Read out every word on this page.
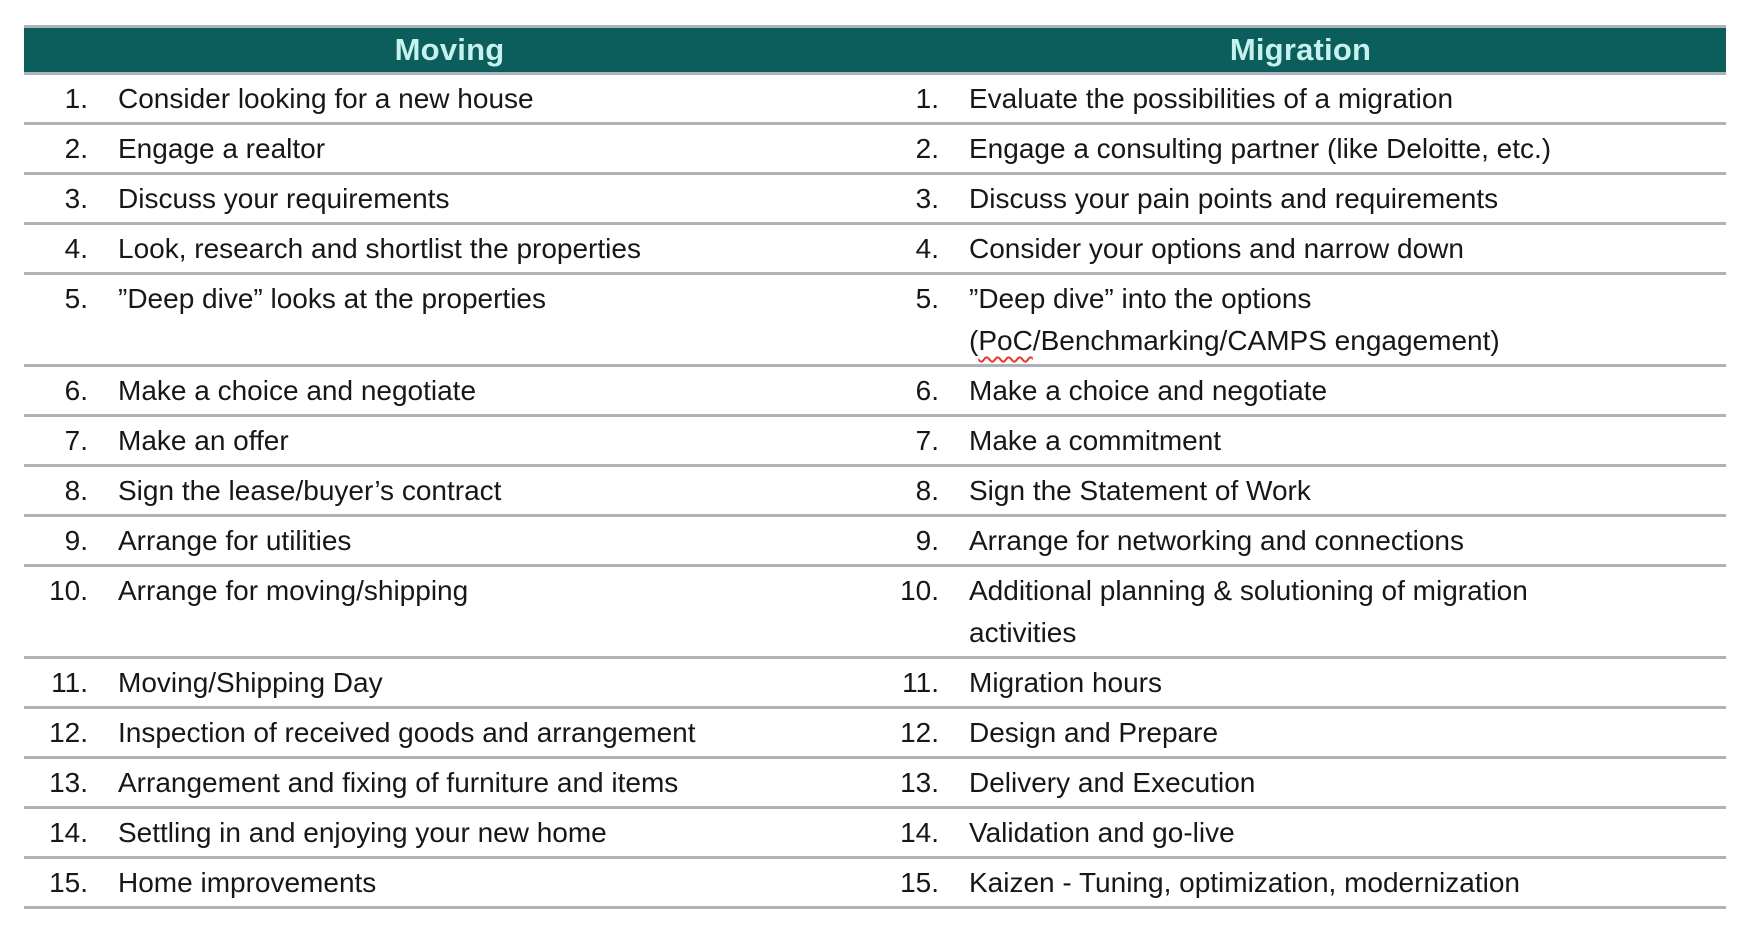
Moving	Migration

1. Consider looking for a new house	1. Evaluate the possibilities of a migration

2. Engage a realtor	2. Engage a consulting partner (like Deloitte, etc.)

3. Discuss your requirements	3. Discuss your pain points and requirements

4. Look, research and shortlist the properties	4. Consider your options and narrow down

5. ”Deep dive” looks at the properties	5. ”Deep dive” into the options
(PoC/Benchmarking/CAMPS engagement)

6. Make a choice and negotiate	6. Make a choice and negotiate

7. Make an offer	7. Make a commitment

8. Sign the lease/buyer’s contract	8. Sign the Statement of Work

9. Arrange for utilities	9. Arrange for networking and connections

10. Arrange for moving/shipping	10. Additional planning & solutioning of migration
activities

11. Moving/Shipping Day	11. Migration hours

12. Inspection of received goods and arrangement	12. Design and Prepare

13. Arrangement and fixing of furniture and items	13. Delivery and Execution

14. Settling in and enjoying your new home	14. Validation and go-live

15. Home improvements	15. Kaizen - Tuning, optimization, modernization
